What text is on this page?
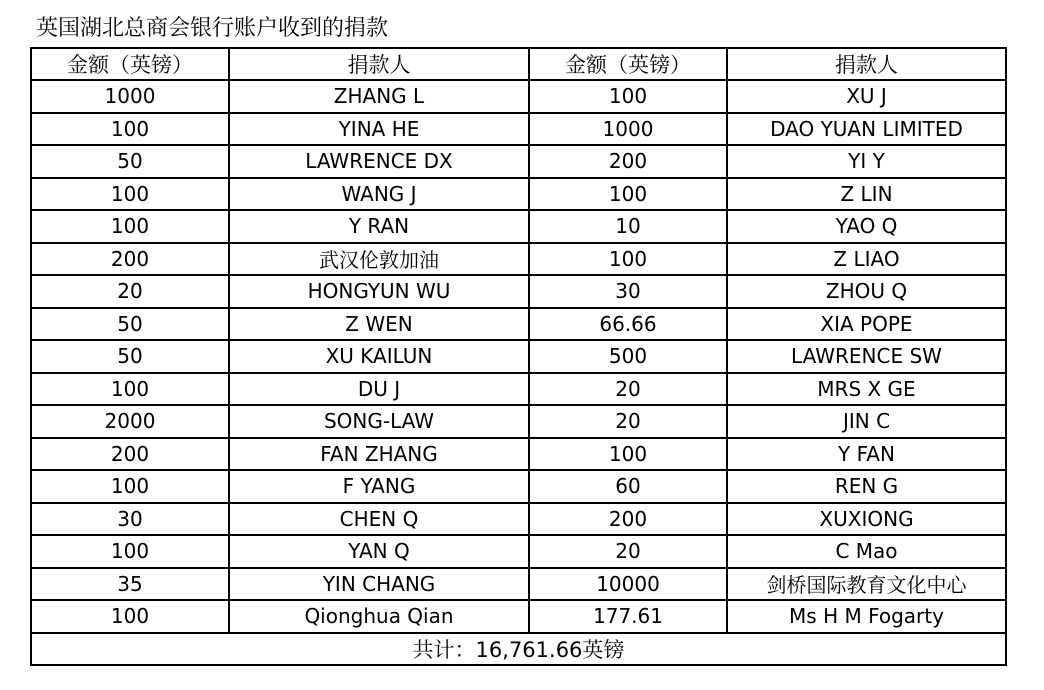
英国湖北总商会银行账户收到的捐款
金额（英镑）	捐款人	金额（英镑）	捐款人
1000	ZHANG L	100	XU J
100	YINA HE	1000	DAO YUAN LIMITED
50	LAWRENCE DX	200	YI Y
100	WANG J	100	Z LIN
100	Y RAN	10	YAO Q
200	武汉伦敦加油	100	Z LIAO
20	HONGYUN WU	30	ZHOU Q
50	Z WEN	66.66	XIA POPE
50	XU KAILUN	500	LAWRENCE SW
100	DU J	20	MRS X GE
2000	SONG-LAW	20	JIN C
200	FAN ZHANG	100	Y FAN
100	F YANG	60	REN G
30	CHEN Q	200	XUXIONG
100	YAN Q	20	C Mao
35	YIN CHANG	10000	剑桥国际教育文化中心
100	Qionghua Qian	177.61	Ms H M Fogarty
共计：16,761.66英镑			
